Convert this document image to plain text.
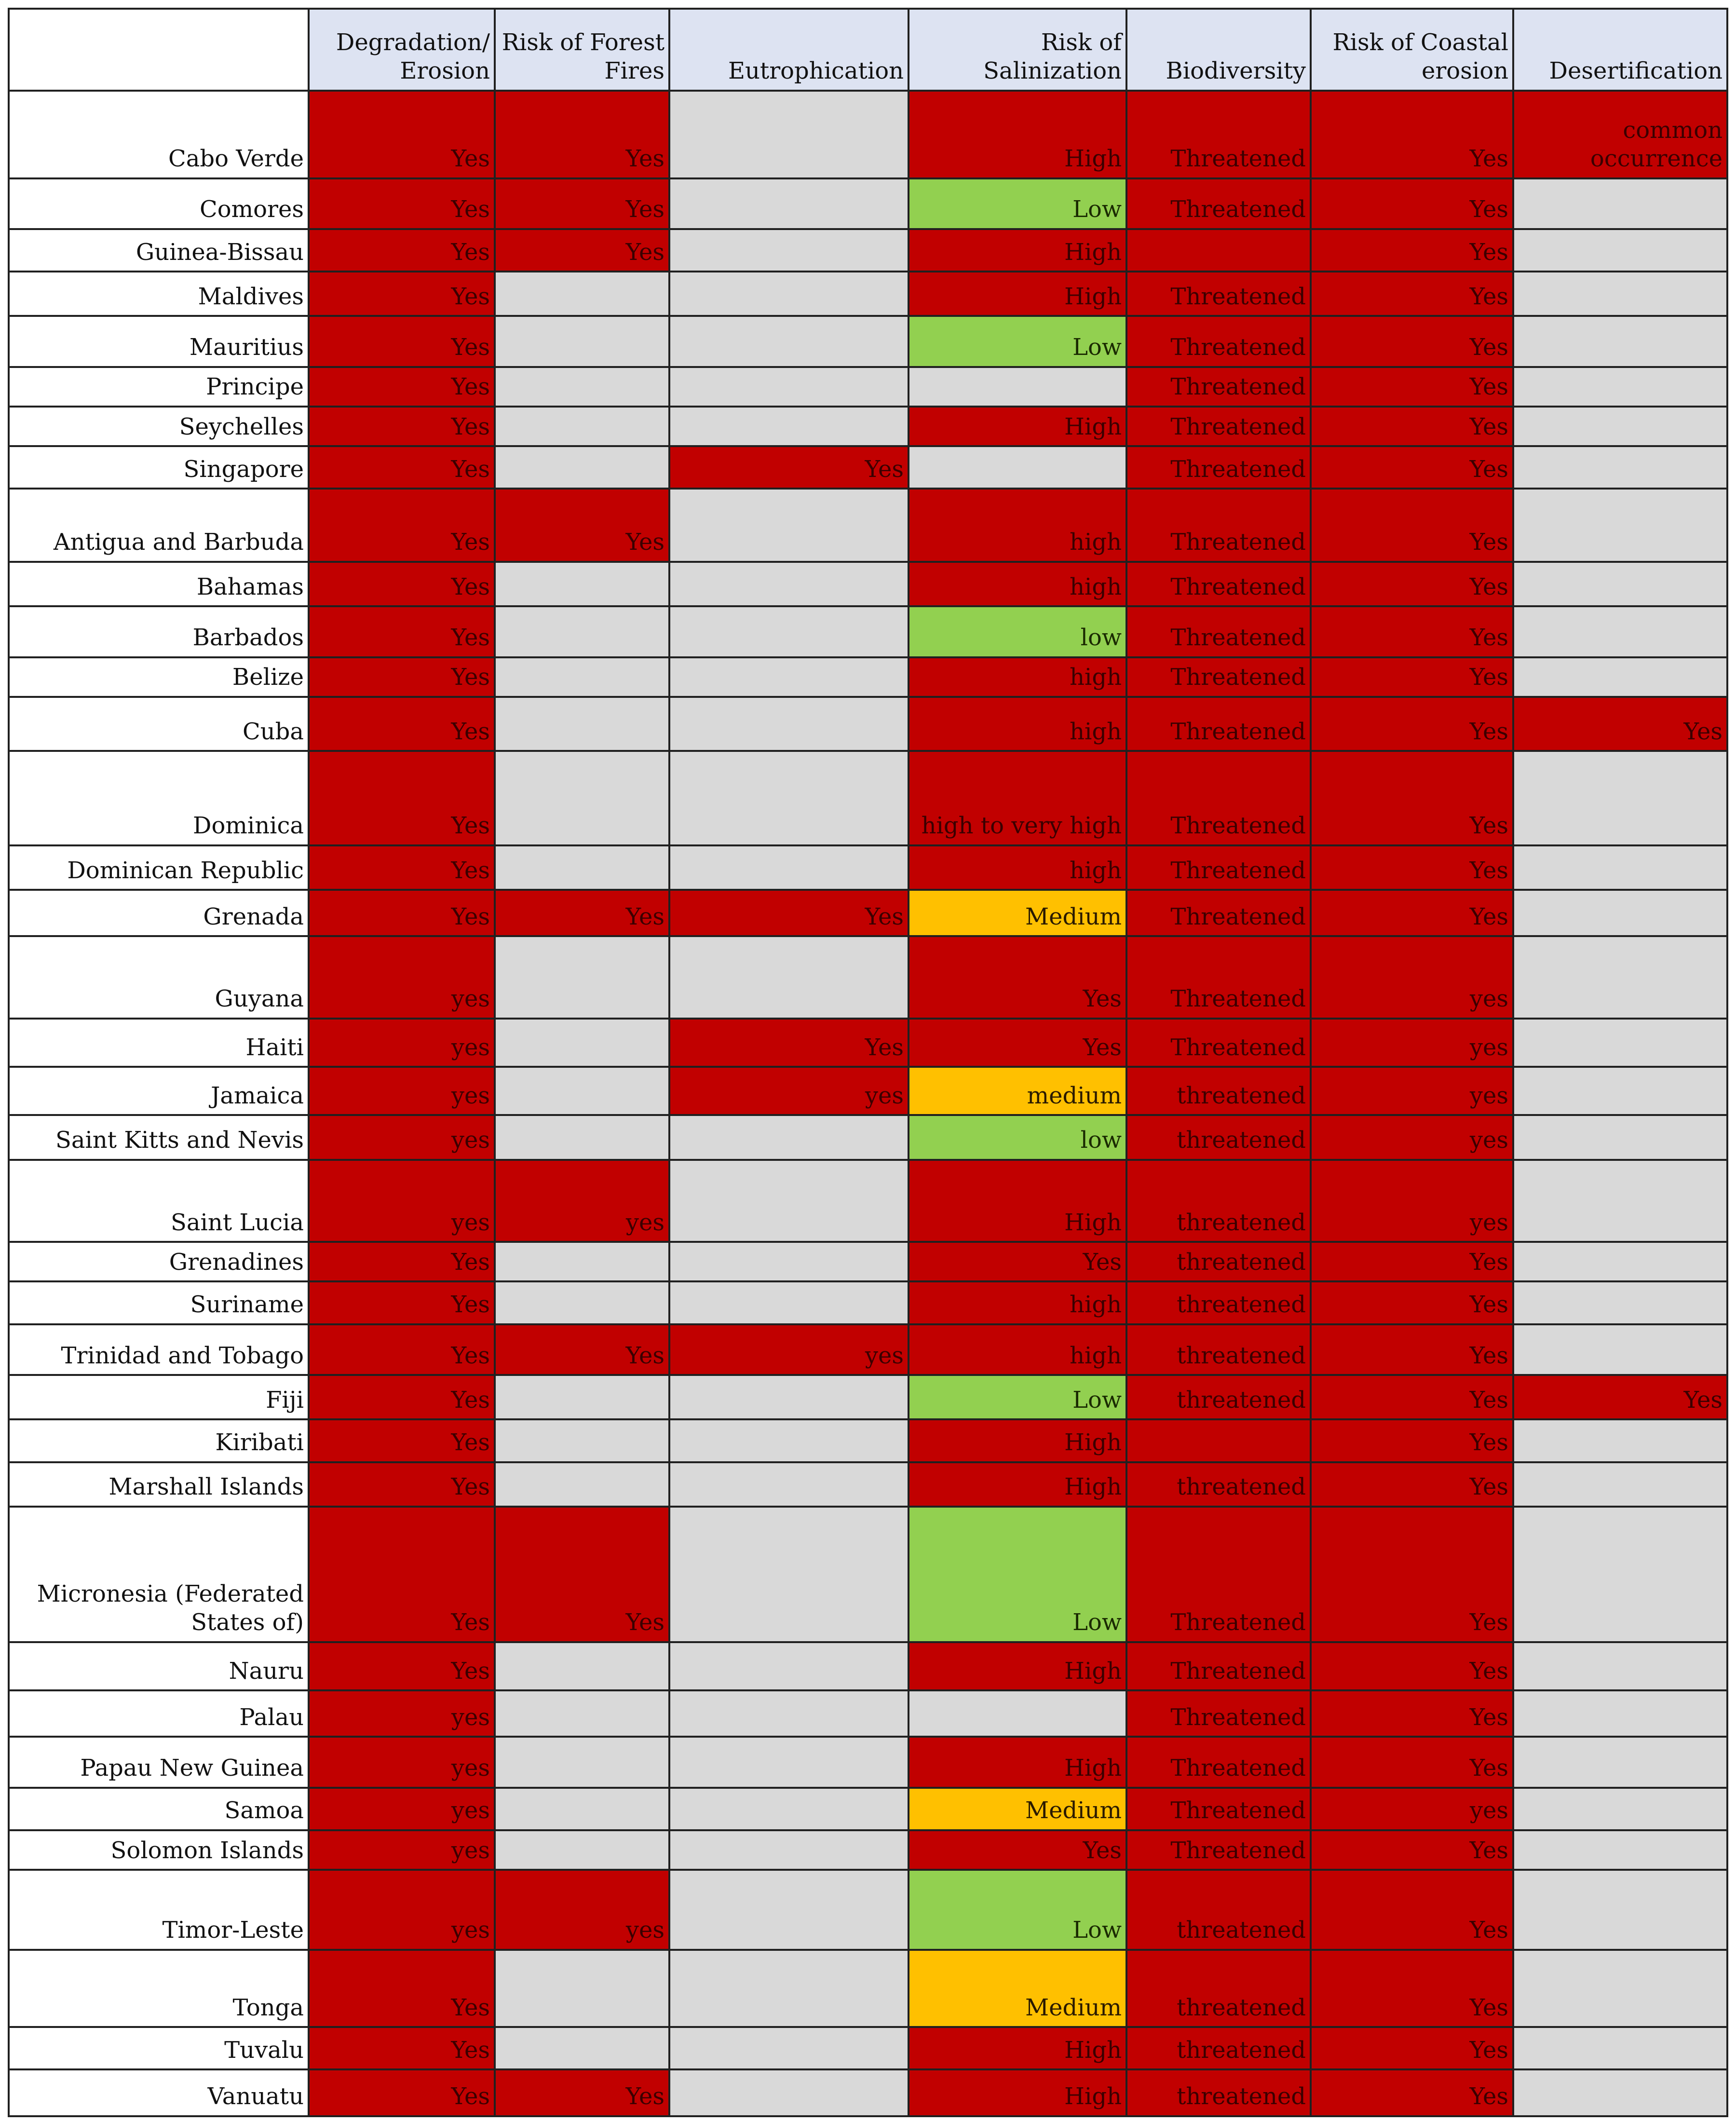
	Degradation/ Erosion	Risk of Forest Fires	Eutrophication	Risk of Salinization	Biodiversity	Risk of Coastal erosion	Desertification
Cabo Verde	Yes	Yes		High	Threatened	Yes	common occurrence
Comores	Yes	Yes		Low	Threatened	Yes	
Guinea-Bissau	Yes	Yes		High		Yes	
Maldives	Yes			High	Threatened	Yes	
Mauritius	Yes			Low	Threatened	Yes	
Principe	Yes				Threatened	Yes	
Seychelles	Yes			High	Threatened	Yes	
Singapore	Yes		Yes		Threatened	Yes	
Antigua and Barbuda	Yes	Yes		high	Threatened	Yes	
Bahamas	Yes			high	Threatened	Yes	
Barbados	Yes			low	Threatened	Yes	
Belize	Yes			high	Threatened	Yes	
Cuba	Yes			high	Threatened	Yes	Yes
Dominica	Yes			high to very high	Threatened	Yes	
Dominican Republic	Yes			high	Threatened	Yes	
Grenada	Yes	Yes	Yes	Medium	Threatened	Yes	
Guyana	yes			Yes	Threatened	yes	
Haiti	yes		Yes	Yes	Threatened	yes	
Jamaica	yes		yes	medium	threatened	yes	
Saint Kitts and Nevis	yes			low	threatened	yes	
Saint Lucia	yes	yes		High	threatened	yes	
Grenadines	Yes			Yes	threatened	Yes	
Suriname	Yes			high	threatened	Yes	
Trinidad and Tobago	Yes	Yes	yes	high	threatened	Yes	
Fiji	Yes			Low	threatened	Yes	Yes
Kiribati	Yes			High		Yes	
Marshall Islands	Yes			High	threatened	Yes	
Micronesia (Federated States of)	Yes	Yes		Low	Threatened	Yes	
Nauru	Yes			High	Threatened	Yes	
Palau	yes				Threatened	Yes	
Papau New Guinea	yes			High	Threatened	Yes	
Samoa	yes			Medium	Threatened	yes	
Solomon Islands	yes			Yes	Threatened	Yes	
Timor-Leste	yes	yes		Low	threatened	Yes	
Tonga	Yes			Medium	threatened	Yes	
Tuvalu	Yes			High	threatened	Yes	
Vanuatu	Yes	Yes		High	threatened	Yes	
